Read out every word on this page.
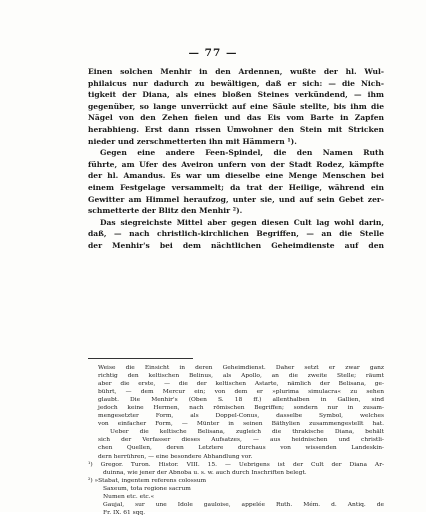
— 77 —
Einen solchen Menhir in den Ardennen, wußte der hl. Wul-
philaicus nur dadurch zu bewältigen, daß er sich: — die Nich-
tigkeit der Diana, als eines bloßen Steines verkündend, — ihm
gegenüber, so lange unverrückt auf eine Säule stellte, bis ihm die
Nägel von den Zehen fielen und das Eis vom Barte in Zapfen
herabhieng. Erst dann rissen Umwohner den Stein mit Stricken
nieder und zerschmetterten ihn mit Hämmern ¹).
Gegen eine andere Feen-Spindel, die den Namen Ruth
führte, am Ufer des Aveiron unfern von der Stadt Rodez, kämpfte
der hl. Amandus. Es war um dieselbe eine Menge Menschen bei
einem Festgelage versammelt; da trat der Heilige, während ein
Gewitter am Himmel heraufzog, unter sie, und auf sein Gebet zer-
schmetterte der Blitz den Menhir ²).
Das siegreichste Mittel aber gegen diesen Cult lag wohl darin,
daß, — nach christlich-kirchlichen Begriffen, — an die Stelle
der Menhir's bei dem nächtlichen Geheimdienste auf den
Weise die Einsicht in deren Geheimdienst. Daher setzt er zwar ganz
richtig den keltischen Belinus, als Apollo, an die zweite Stelle; räumt
aber die erste, — die der keltischen Astarte, nämlich der Belisana, ge-
bührt, — dem Mercur ein; von dem er »plurima simulacra« zu sehen
glaubt. Die Menhir's (Oben S. 18 ff.) allenthalben in Gallien, sind
jedoch keine Hermen, nach römischen Begriffen; sondern nur in zusam-
mengesetzter Form, als Doppel-Conus, dasselbe Symbol, welches
von einfacher Form, — Münter in seinen Bäthylien zusammengestellt hat.
Ueber die keltische Belisana, zugleich die thrakische Diana, behält
sich der Verfasser dieses Aufsatzes, — aus heidnischen und christli-
chen Quellen, deren Letztere durchaus von wissenden Landeskin-
dern herrühren, — eine besondere Abhandlung vor.
¹) Gregor. Turon. Histor. VIII. 15. — Uebrigens ist der Cult der Diana Ar-
duinna, wie jener der Abnoba u. s. w. auch durch Inschriften belegt.
²) »Stabat, ingentem referens colossum
Saxeum, tota regione sacrum
Numen etc. etc.«
Gaujal, sur une Idole gauloise, appelée Ruth. Mém. d. Antiq. de
Fr. IX. 61 sqq.
